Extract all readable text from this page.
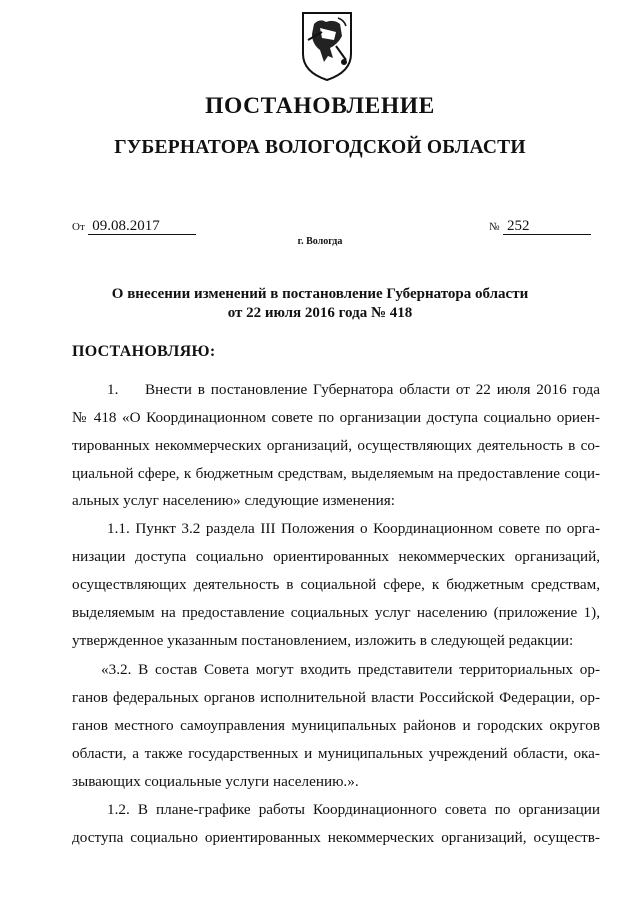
ПОСТАНОВЛЕНИЕ
ГУБЕРНАТОРА ВОЛОГОДСКОЙ ОБЛАСТИ
От 09.08.2017	№ 252
г. Вологда
О внесении изменений в постановление Губернатора области
от 22 июля 2016 года № 418
ПОСТАНОВЛЯЮ:
1. Внести в постановление Губернатора области от 22 июля 2016 года
№ 418 «О Координационном совете по организации доступа социально ориен-
тированных некоммерческих организаций, осуществляющих деятельность в со-
циальной сфере, к бюджетным средствам, выделяемым на предоставление соци-
альных услуг населению» следующие изменения:
1.1. Пункт 3.2 раздела III Положения о Координационном совете по орга-
низации доступа социально ориентированных некоммерческих организаций,
осуществляющих деятельность в социальной сфере, к бюджетным средствам,
выделяемым на предоставление социальных услуг населению (приложение 1),
утвержденное указанным постановлением, изложить в следующей редакции:
«3.2. В состав Совета могут входить представители территориальных ор-
ганов федеральных органов исполнительной власти Российской Федерации, ор-
ганов местного самоуправления муниципальных районов и городских округов
области, а также государственных и муниципальных учреждений области, ока-
зывающих социальные услуги населению.».
1.2. В плане-графике работы Координационного совета по организации
доступа социально ориентированных некоммерческих организаций, осуществ-
